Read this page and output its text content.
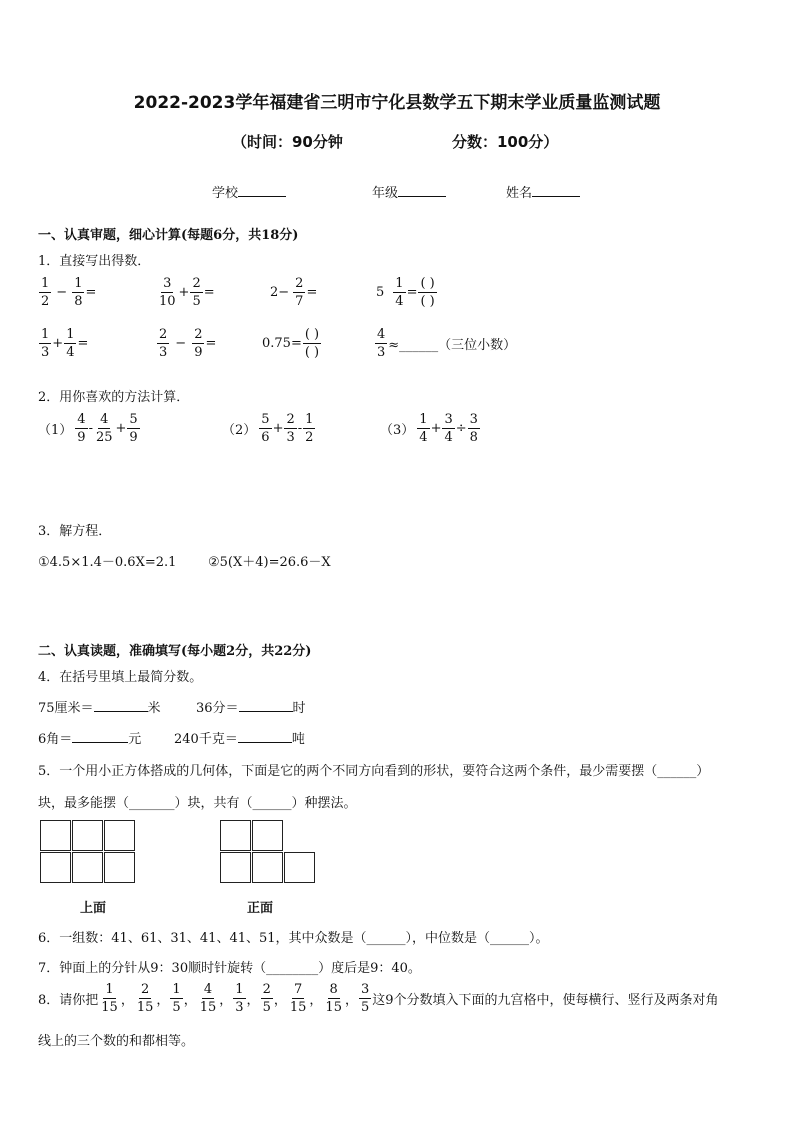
2022-2023学年福建省三明市宁化县数学五下期末学业质量监测试题
（时间：90分钟	分数：100分）
学校	年级	姓名
一、认真审题，细心计算(每题6分，共18分)
1．直接写出得数．
$\frac{1}{2} - \frac{1}{8}$ =	$\frac{3}{10} + \frac{2}{5}$ =	$2- \frac{2}{7}$ =	$5 \frac{1}{4} = \frac{( )}{( )}$
$\frac{1}{3} + \frac{1}{4}$ =	$\frac{2}{3} - \frac{2}{9}$ =	$0.75= \frac{( )}{( )}$	$\frac{4}{3}$ ≈______（三位小数）
2．用你喜欢的方法计算．
$(1) \frac{4}{9} - \frac{4}{25} + \frac{5}{9}$	$(2) \frac{5}{6} + \frac{2}{3} - \frac{1}{2}$	$(3) \frac{1}{4} + \frac{3}{4} \div \frac{3}{8}$
3．解方程．
①4.5×1.4－0.6X=2.1 ②5(X＋4)=26.6－X
二、认真读题，准确填写(每小题2分，共22分)
4．在括号里填上最简分数。
75厘米＝	米	36分＝	时
6角＝	元	240千克＝	吨
5．一个用小正方体搭成的几何体，下面是它的两个不同方向看到的形状，要符合这两个条件，最少需要摆（______）
块，最多能摆（_______）块，共有（______）种摆法。
上面	正面
6．一组数：41、61、31、41、41、51，其中众数是（______），中位数是（______）。
7．钟面上的分针从9：30顺时针旋转（________）度后是9：40。
8．请你把 $\frac{1}{15}$ ， $\frac{2}{15}$ ， $\frac{1}{5}$ ， $\frac{4}{15}$ ， $\frac{1}{3}$ ， $\frac{2}{5}$ ， $\frac{7}{15}$ ， $\frac{8}{15}$ ， $\frac{3}{5}$ 这9个分数填入下面的九宫格中，使每横行、竖行及两条对角
线上的三个数的和都相等。
